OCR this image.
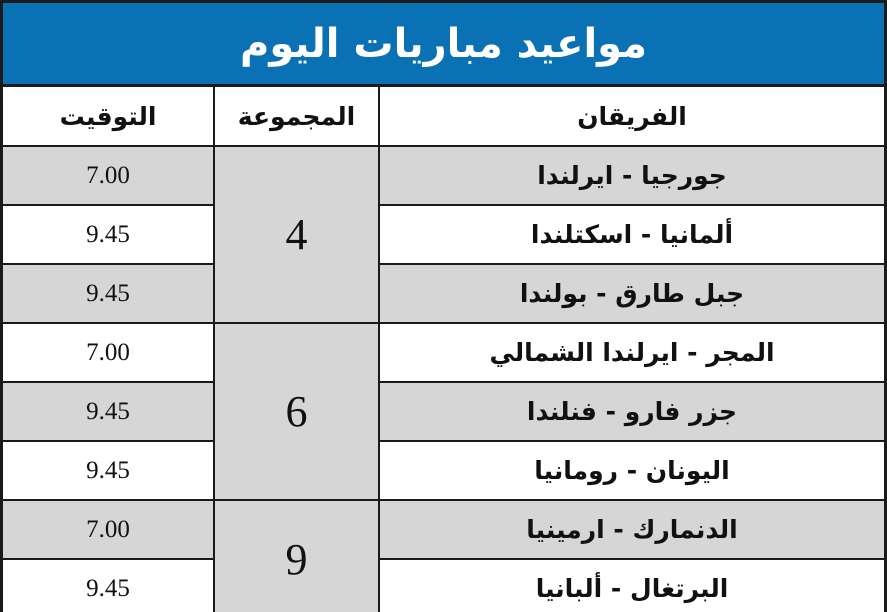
مواعيد مباريات اليوم
التوقيت	المجموعة	الفريقان
7.00	4	جورجيا - ايرلندا
9.45		ألمانيا - اسكتلندا
9.45		جبل طارق - بولندا
7.00	6	المجر - ايرلندا الشمالي
9.45		جزر فارو - فنلندا
9.45		اليونان - رومانيا
7.00	9	الدنمارك - ارمينيا
9.45		البرتغال - ألبانيا
